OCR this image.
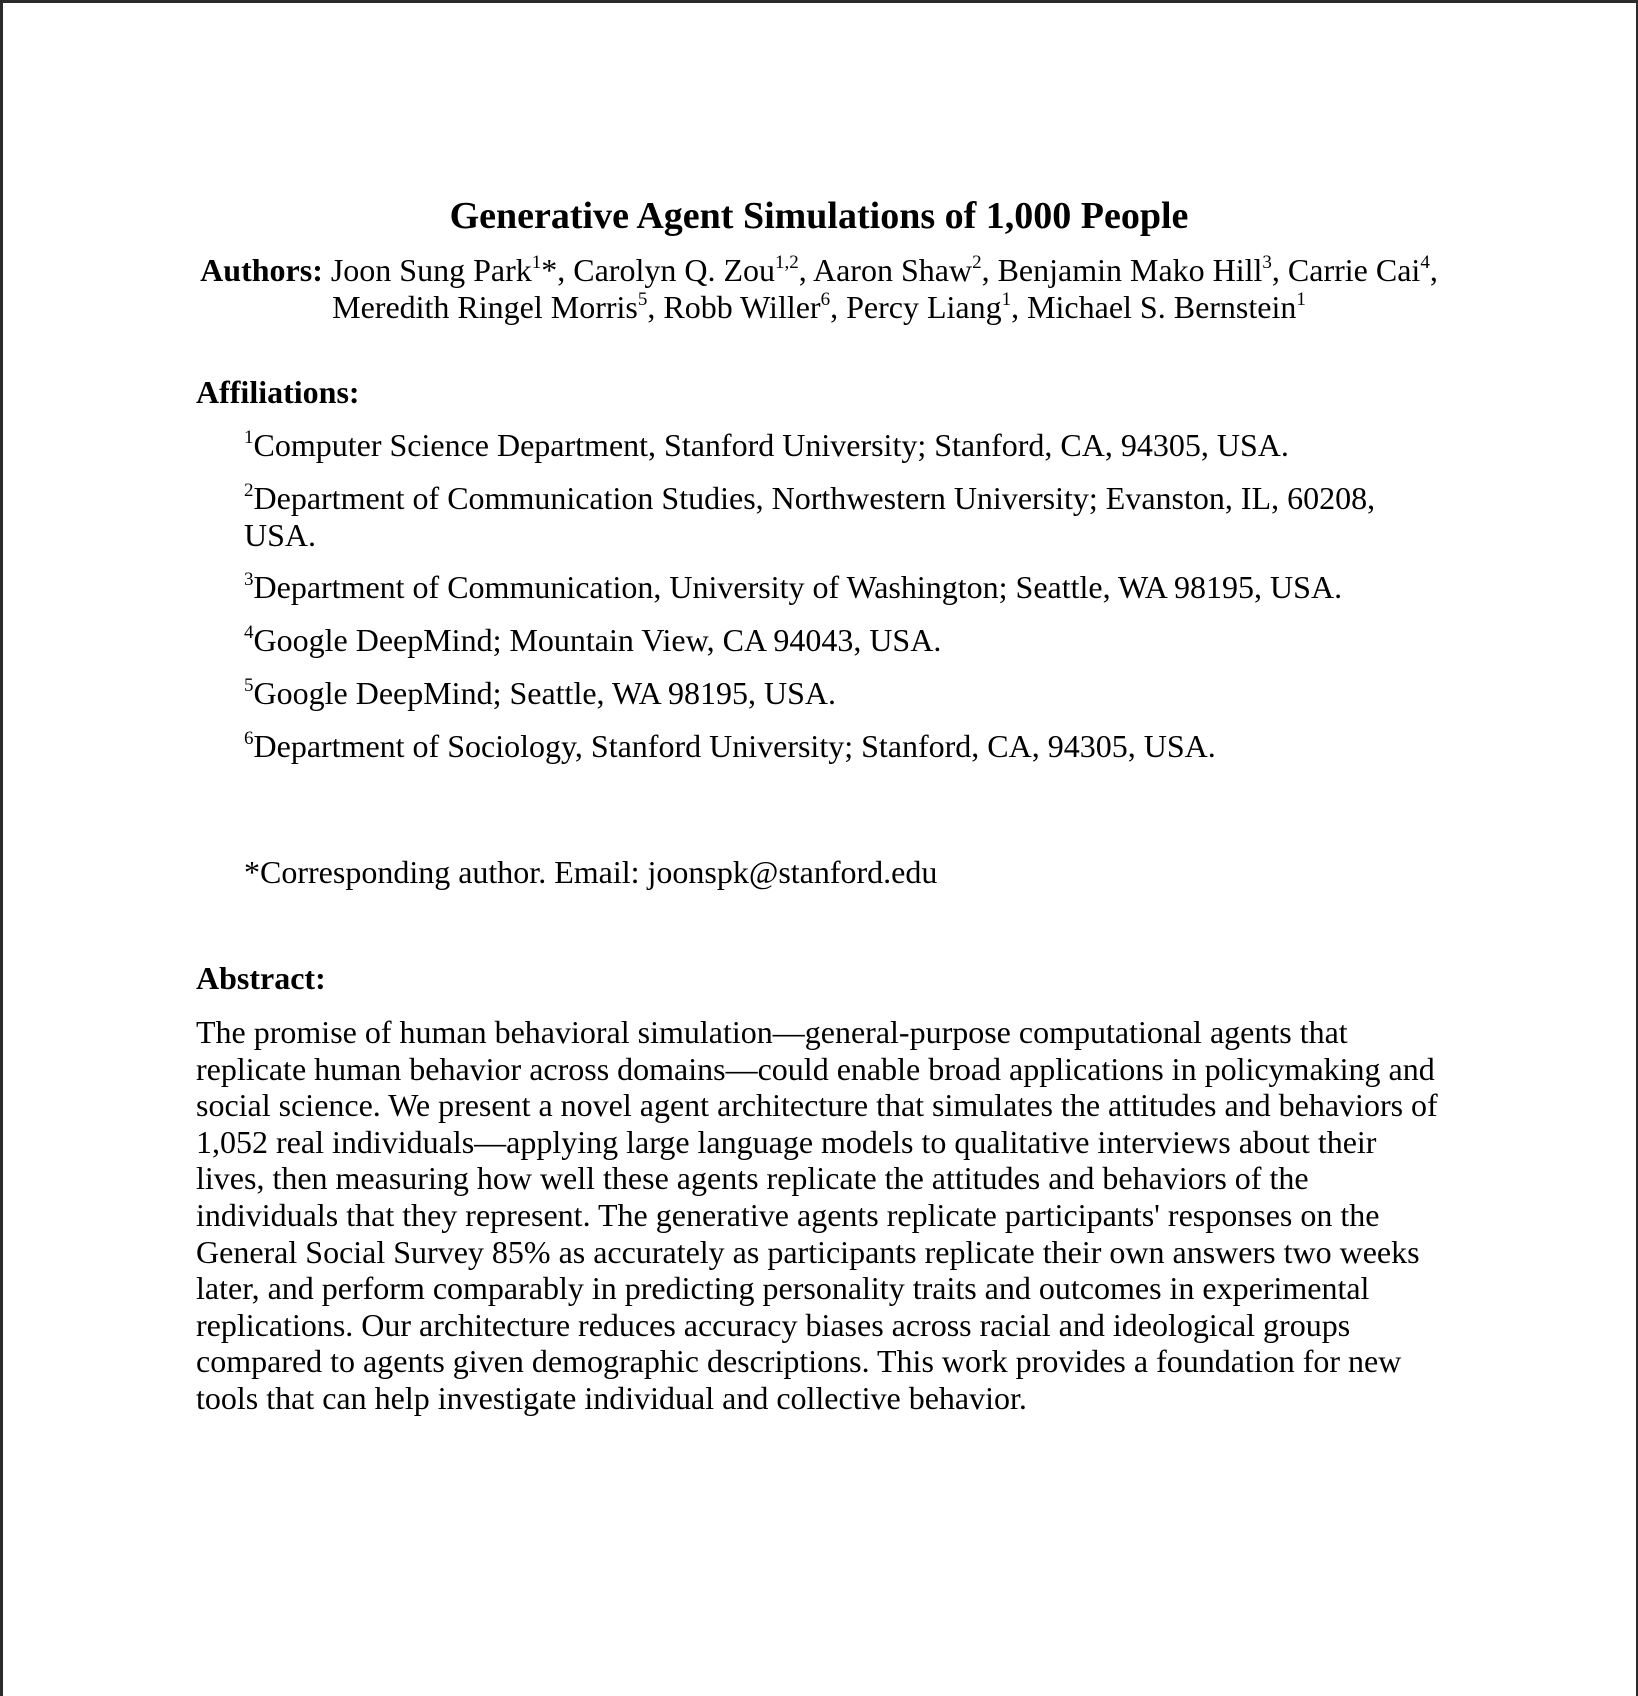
Generative Agent Simulations of 1,000 People
Authors: Joon Sung Park$^1$*, Carolyn Q. Zou$^{1,2}$, Aaron Shaw$^2$, Benjamin Mako Hill$^3$, Carrie Cai$^4$,
Meredith Ringel Morris$^5$, Robb Willer$^6$, Percy Liang$^1$, Michael S. Bernstein$^1$
Affiliations:
$^1$Computer Science Department, Stanford University; Stanford, CA, 94305, USA.
$^2$Department of Communication Studies, Northwestern University; Evanston, IL, 60208, USA.
$^3$Department of Communication, University of Washington; Seattle, WA 98195, USA.
$^4$Google DeepMind; Mountain View, CA 94043, USA.
$^5$Google DeepMind; Seattle, WA 98195, USA.
$^6$Department of Sociology, Stanford University; Stanford, CA, 94305, USA.
*Corresponding author. Email: joonspk@stanford.edu
Abstract:
The promise of human behavioral simulation—general-purpose computational agents that
replicate human behavior across domains—could enable broad applications in policymaking and
social science. We present a novel agent architecture that simulates the attitudes and behaviors of
1,052 real individuals—applying large language models to qualitative interviews about their
lives, then measuring how well these agents replicate the attitudes and behaviors of the
individuals that they represent. The generative agents replicate participants' responses on the
General Social Survey 85% as accurately as participants replicate their own answers two weeks
later, and perform comparably in predicting personality traits and outcomes in experimental
replications. Our architecture reduces accuracy biases across racial and ideological groups
compared to agents given demographic descriptions. This work provides a foundation for new
tools that can help investigate individual and collective behavior.
